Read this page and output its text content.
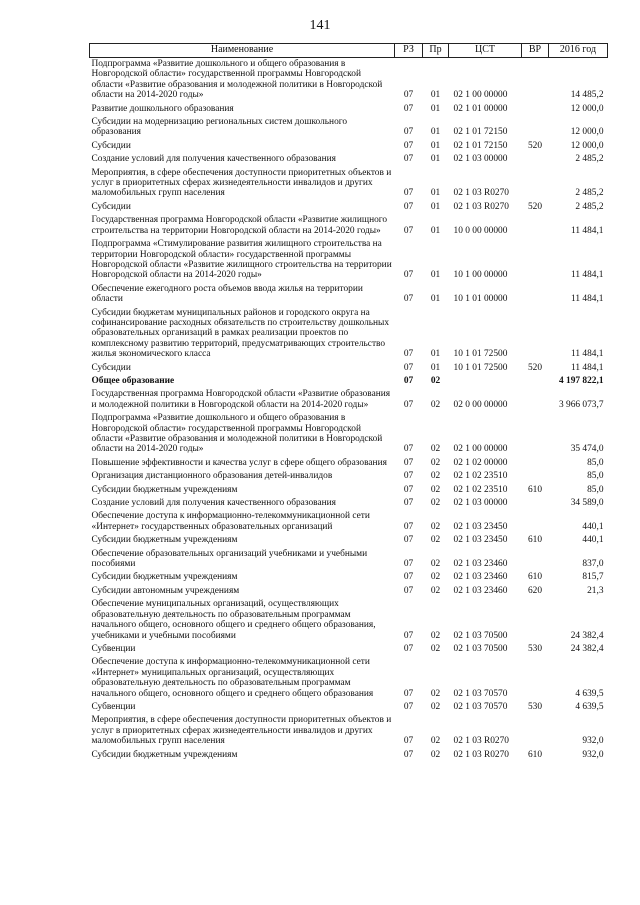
141
Наименование	РЗ	Пр	ЦСТ	ВР	2016 год
Подпрограмма «Развитие дошкольного и общего образования в Новгородской области» государственной программы Новгородской области «Развитие образования и молодежной политики в Новгородской области на 2014-2020 годы»	07	01	02 1 00 00000		14 485,2
Развитие дошкольного образования	07	01	02 1 01 00000		12 000,0
Субсидии на модернизацию региональных систем дошкольного образования	07	01	02 1 01 72150		12 000,0
Субсидии	07	01	02 1 01 72150	520	12 000,0
Создание условий для получения качественного образования	07	01	02 1 03 00000		2 485,2
Мероприятия, в сфере обеспечения доступности приоритетных объектов и услуг в приоритетных сферах жизнедеятельности инвалидов и других маломобильных групп населения	07	01	02 1 03 R0270		2 485,2
Субсидии	07	01	02 1 03 R0270	520	2 485,2
Государственная программа Новгородской области «Развитие жилищного строительства на территории Новгородской области на 2014-2020 годы»	07	01	10 0 00 00000		11 484,1
Подпрограмма «Стимулирование развития жилищного строительства на территории Новгородской области» государственной программы Новгородской области «Развитие жилищного строительства на территории Новгородской области на 2014-2020 годы»	07	01	10 1 00 00000		11 484,1
Обеспечение ежегодного роста объемов ввода жилья на территории области	07	01	10 1 01 00000		11 484,1
Субсидии бюджетам муниципальных районов и городского округа на софинансирование расходных обязательств по строительству дошкольных образовательных организаций в рамках реализации проектов по комплексному развитию территорий, предусматривающих строительство жилья экономического класса	07	01	10 1 01 72500		11 484,1
Субсидии	07	01	10 1 01 72500	520	11 484,1
Общее образование	07	02			4 197 822,1
Государственная программа Новгородской области «Развитие образования и молодежной политики в Новгородской области на 2014-2020 годы»	07	02	02 0 00 00000		3 966 073,7
Подпрограмма «Развитие дошкольного и общего образования в Новгородской области» государственной программы Новгородской области «Развитие образования и молодежной политики в Новгородской области на 2014-2020 годы»	07	02	02 1 00 00000		35 474,0
Повышение эффективности и качества услуг в сфере общего образования	07	02	02 1 02 00000		85,0
Организация дистанционного образования детей-инвалидов	07	02	02 1 02 23510		85,0
Субсидии бюджетным учреждениям	07	02	02 1 02 23510	610	85,0
Создание условий для получения качественного образования	07	02	02 1 03 00000		34 589,0
Обеспечение доступа к информационно-телекоммуникационной сети «Интернет» государственных образовательных организаций	07	02	02 1 03 23450		440,1
Субсидии бюджетным учреждениям	07	02	02 1 03 23450	610	440,1
Обеспечение образовательных организаций учебниками и учебными пособиями	07	02	02 1 03 23460		837,0
Субсидии бюджетным учреждениям	07	02	02 1 03 23460	610	815,7
Субсидии автономным учреждениям	07	02	02 1 03 23460	620	21,3
Обеспечение муниципальных организаций, осуществляющих образовательную деятельность по образовательным программам начального общего, основного общего и среднего общего образования, учебниками и учебными пособиями	07	02	02 1 03 70500		24 382,4
Субвенции	07	02	02 1 03 70500	530	24 382,4
Обеспечение доступа к информационно-телекоммуникационной сети «Интернет» муниципальных организаций, осуществляющих образовательную деятельность по образовательным программам начального общего, основного общего и среднего общего образования	07	02	02 1 03 70570		4 639,5
Субвенции	07	02	02 1 03 70570	530	4 639,5
Мероприятия, в сфере обеспечения доступности приоритетных объектов и услуг в приоритетных сферах жизнедеятельности инвалидов и других маломобильных групп населения	07	02	02 1 03 R0270		932,0
Субсидии бюджетным учреждениям	07	02	02 1 03 R0270	610	932,0
